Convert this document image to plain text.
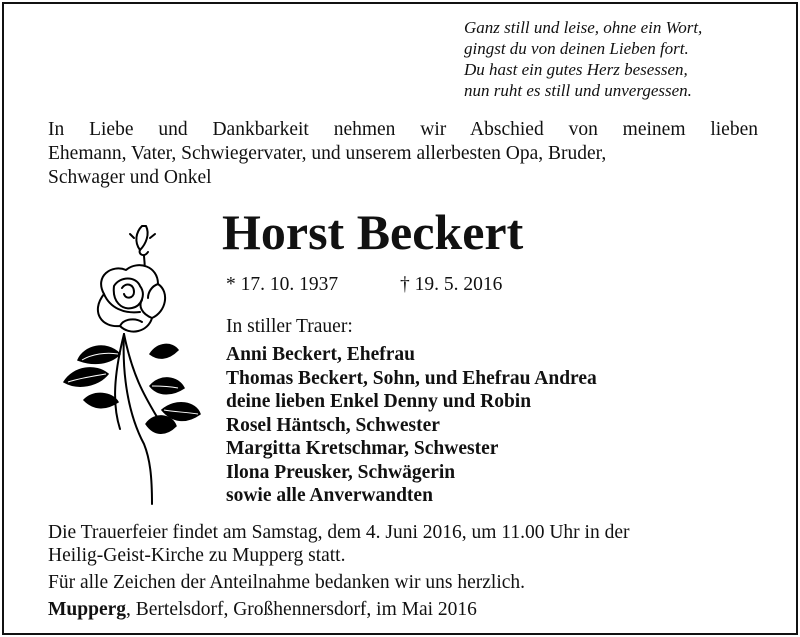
Ganz still und leise, ohne ein Wort,
gingst du von deinen Lieben fort.
Du hast ein gutes Herz besessen,
nun ruht es still und unvergessen.
In Liebe und Dankbarkeit nehmen wir Abschied von meinem lieben
Ehemann, Vater, Schwiegervater, und unserem allerbesten Opa, Bruder,
Schwager und Onkel
Horst Beckert
* 17. 10. 1937	† 19. 5. 2016
In stiller Trauer:
Anni Beckert, Ehefrau
Thomas Beckert, Sohn, und Ehefrau Andrea
deine lieben Enkel Denny und Robin
Rosel Häntsch, Schwester
Margitta Kretschmar, Schwester
Ilona Preusker, Schwägerin
sowie alle Anverwandten
Die Trauerfeier findet am Samstag, dem 4. Juni 2016, um 11.00 Uhr in der
Heilig-Geist-Kirche zu Mupperg statt.
Für alle Zeichen der Anteilnahme bedanken wir uns herzlich.
Mupperg, Bertelsdorf, Großhennersdorf, im Mai 2016
